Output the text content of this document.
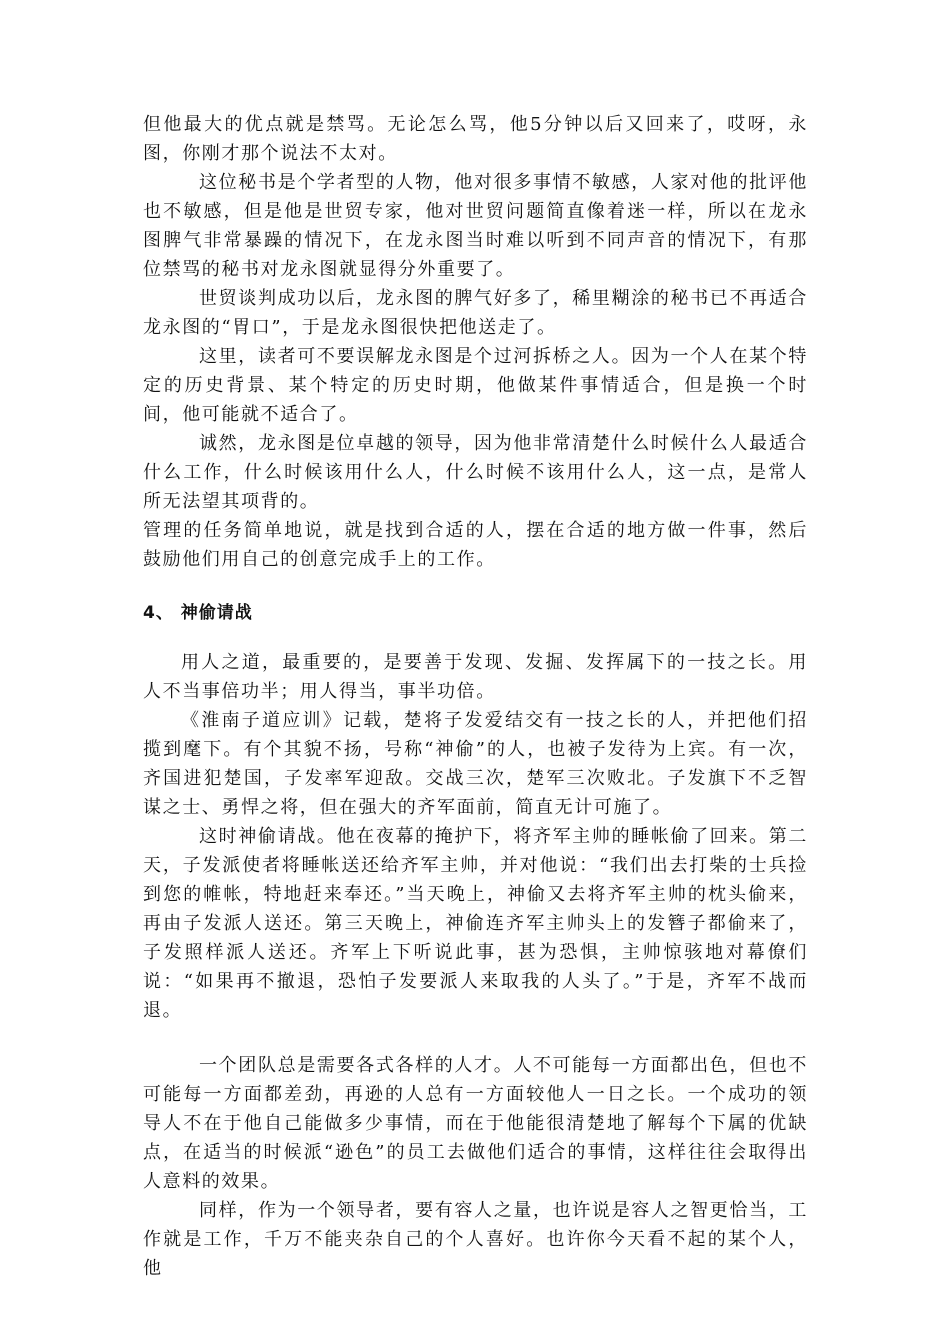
但他最大的优点就是禁骂。无论怎么骂，他5分钟以后又回来了，哎呀，永图，你刚才那个说法不太对。

这位秘书是个学者型的人物，他对很多事情不敏感，人家对他的批评他也不敏感，但是他是世贸专家，他对世贸问题简直像着迷一样，所以在龙永图脾气非常暴躁的情况下，在龙永图当时难以听到不同声音的情况下，有那位禁骂的秘书对龙永图就显得分外重要了。

世贸谈判成功以后，龙永图的脾气好多了，稀里糊涂的秘书已不再适合龙永图的“胃口”，于是龙永图很快把他送走了。

这里，读者可不要误解龙永图是个过河拆桥之人。因为一个人在某个特定的历史背景、某个特定的历史时期，他做某件事情适合，但是换一个时间，他可能就不适合了。

诚然，龙永图是位卓越的领导，因为他非常清楚什么时候什么人最适合什么工作，什么时候该用什么人，什么时候不该用什么人，这一点，是常人所无法望其项背的。

管理的任务简单地说，就是找到合适的人，摆在合适的地方做一件事，然后鼓励他们用自己的创意完成手上的工作。

4、 神偷请战

用人之道，最重要的，是要善于发现、发掘、发挥属下的一技之长。用人不当事倍功半；用人得当，事半功倍。

《淮南子道应训》记载，楚将子发爱结交有一技之长的人，并把他们招揽到麾下。有个其貌不扬，号称“神偷”的人，也被子发待为上宾。有一次，齐国进犯楚国，子发率军迎敌。交战三次，楚军三次败北。子发旗下不乏智谋之士、勇悍之将，但在强大的齐军面前，简直无计可施了。

这时神偷请战。他在夜幕的掩护下，将齐军主帅的睡帐偷了回来。第二天，子发派使者将睡帐送还给齐军主帅，并对他说：“我们出去打柴的士兵捡到您的帷帐，特地赶来奉还。”当天晚上，神偷又去将齐军主帅的枕头偷来，再由子发派人送还。第三天晚上，神偷连齐军主帅头上的发簪子都偷来了，子发照样派人送还。齐军上下听说此事，甚为恐惧，主帅惊骇地对幕僚们说：“如果再不撤退，恐怕子发要派人来取我的人头了。”于是，齐军不战而退。

一个团队总是需要各式各样的人才。人不可能每一方面都出色，但也不可能每一方面都差劲，再逊的人总有一方面较他人一日之长。一个成功的领导人不在于他自己能做多少事情，而在于他能很清楚地了解每个下属的优缺点，在适当的时候派“逊色”的员工去做他们适合的事情，这样往往会取得出人意料的效果。

同样，作为一个领导者，要有容人之量，也许说是容人之智更恰当，工作就是工作，千万不能夹杂自己的个人喜好。也许你今天看不起的某个人，他
